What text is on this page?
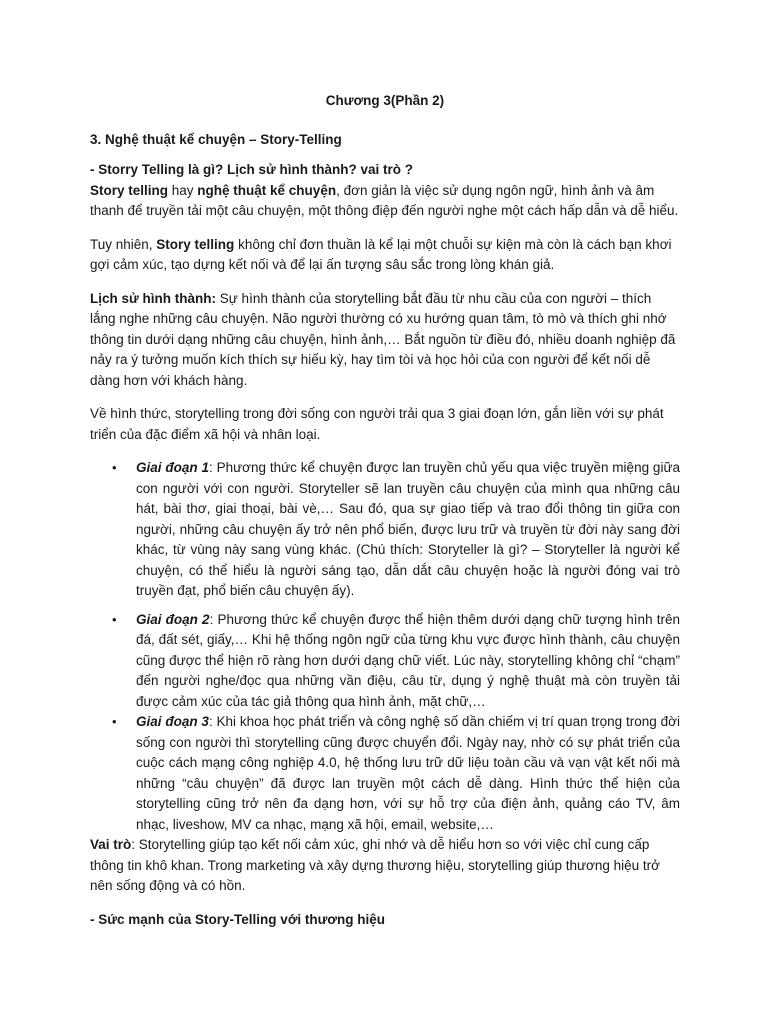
Chương 3(Phần 2)
3. Nghệ thuật kể chuyện – Story-Telling
- Storry Telling là gì? Lịch sử hình thành? vai trò ?

Story telling hay nghệ thuật kể chuyện, đơn giản là việc sử dụng ngôn ngữ, hình ảnh và âm thanh để truyền tải một câu chuyện, một thông điệp đến người nghe một cách hấp dẫn và dễ hiểu.

Tuy nhiên, Story telling không chỉ đơn thuần là kể lại một chuỗi sự kiện mà còn là cách bạn khơi gợi cảm xúc, tạo dựng kết nối và để lại ấn tượng sâu sắc trong lòng khán giả.

Lịch sử hình thành: Sự hình thành của storytelling bắt đầu từ nhu cầu của con người – thích lắng nghe những câu chuyện. Não người thường có xu hướng quan tâm, tò mò và thích ghi nhớ thông tin dưới dạng những câu chuyện, hình ảnh,… Bắt nguồn từ điều đó, nhiều doanh nghiệp đã nảy ra ý tưởng muốn kích thích sự hiếu kỳ, hay tìm tòi và học hỏi của con người để kết nối dễ dàng hơn với khách hàng.

Về hình thức, storytelling trong đời sống con người trải qua 3 giai đoạn lớn, gắn liền với sự phát triển của đặc điểm xã hội và nhân loại.

• Giai đoạn 1: Phương thức kể chuyện được lan truyền chủ yếu qua việc truyền miệng giữa con người với con người. Storyteller sẽ lan truyền câu chuyện của mình qua những câu hát, bài thơ, giai thoại, bài vè,… Sau đó, qua sự giao tiếp và trao đổi thông tin giữa con người, những câu chuyện ấy trở nên phổ biến, được lưu trữ và truyền từ đời này sang đời khác, từ vùng này sang vùng khác. (Chú thích: Storyteller là gì? – Storyteller là người kể chuyện, có thể hiểu là người sáng tạo, dẫn dắt câu chuyện hoặc là người đóng vai trò truyền đạt, phổ biến câu chuyện ấy).
• Giai đoạn 2: Phương thức kể chuyện được thể hiện thêm dưới dạng chữ tượng hình trên đá, đất sét, giấy,… Khi hệ thống ngôn ngữ của từng khu vực được hình thành, câu chuyện cũng được thể hiện rõ ràng hơn dưới dạng chữ viết. Lúc này, storytelling không chỉ “chạm” đến người nghe/đọc qua những vần điệu, câu từ, dụng ý nghệ thuật mà còn truyền tải được cảm xúc của tác giả thông qua hình ảnh, mặt chữ,…
• Giai đoạn 3: Khi khoa học phát triển và công nghệ số dần chiếm vị trí quan trọng trong đời sống con người thì storytelling cũng được chuyển đổi. Ngày nay, nhờ có sự phát triển của cuộc cách mạng công nghiệp 4.0, hệ thống lưu trữ dữ liệu toàn cầu và vạn vật kết nối mà những “câu chuyện” đã được lan truyền một cách dễ dàng. Hình thức thể hiện của storytelling cũng trở nên đa dạng hơn, với sự hỗ trợ của điện ảnh, quảng cáo TV, âm nhạc, liveshow, MV ca nhạc, mạng xã hội, email, website,…

Vai trò: Storytelling giúp tạo kết nối cảm xúc, ghi nhớ và dễ hiểu hơn so với việc chỉ cung cấp thông tin khô khan. Trong marketing và xây dựng thương hiệu, storytelling giúp thương hiệu trở nên sống động và có hồn.

- Sức mạnh của Story-Telling với thương hiệu
